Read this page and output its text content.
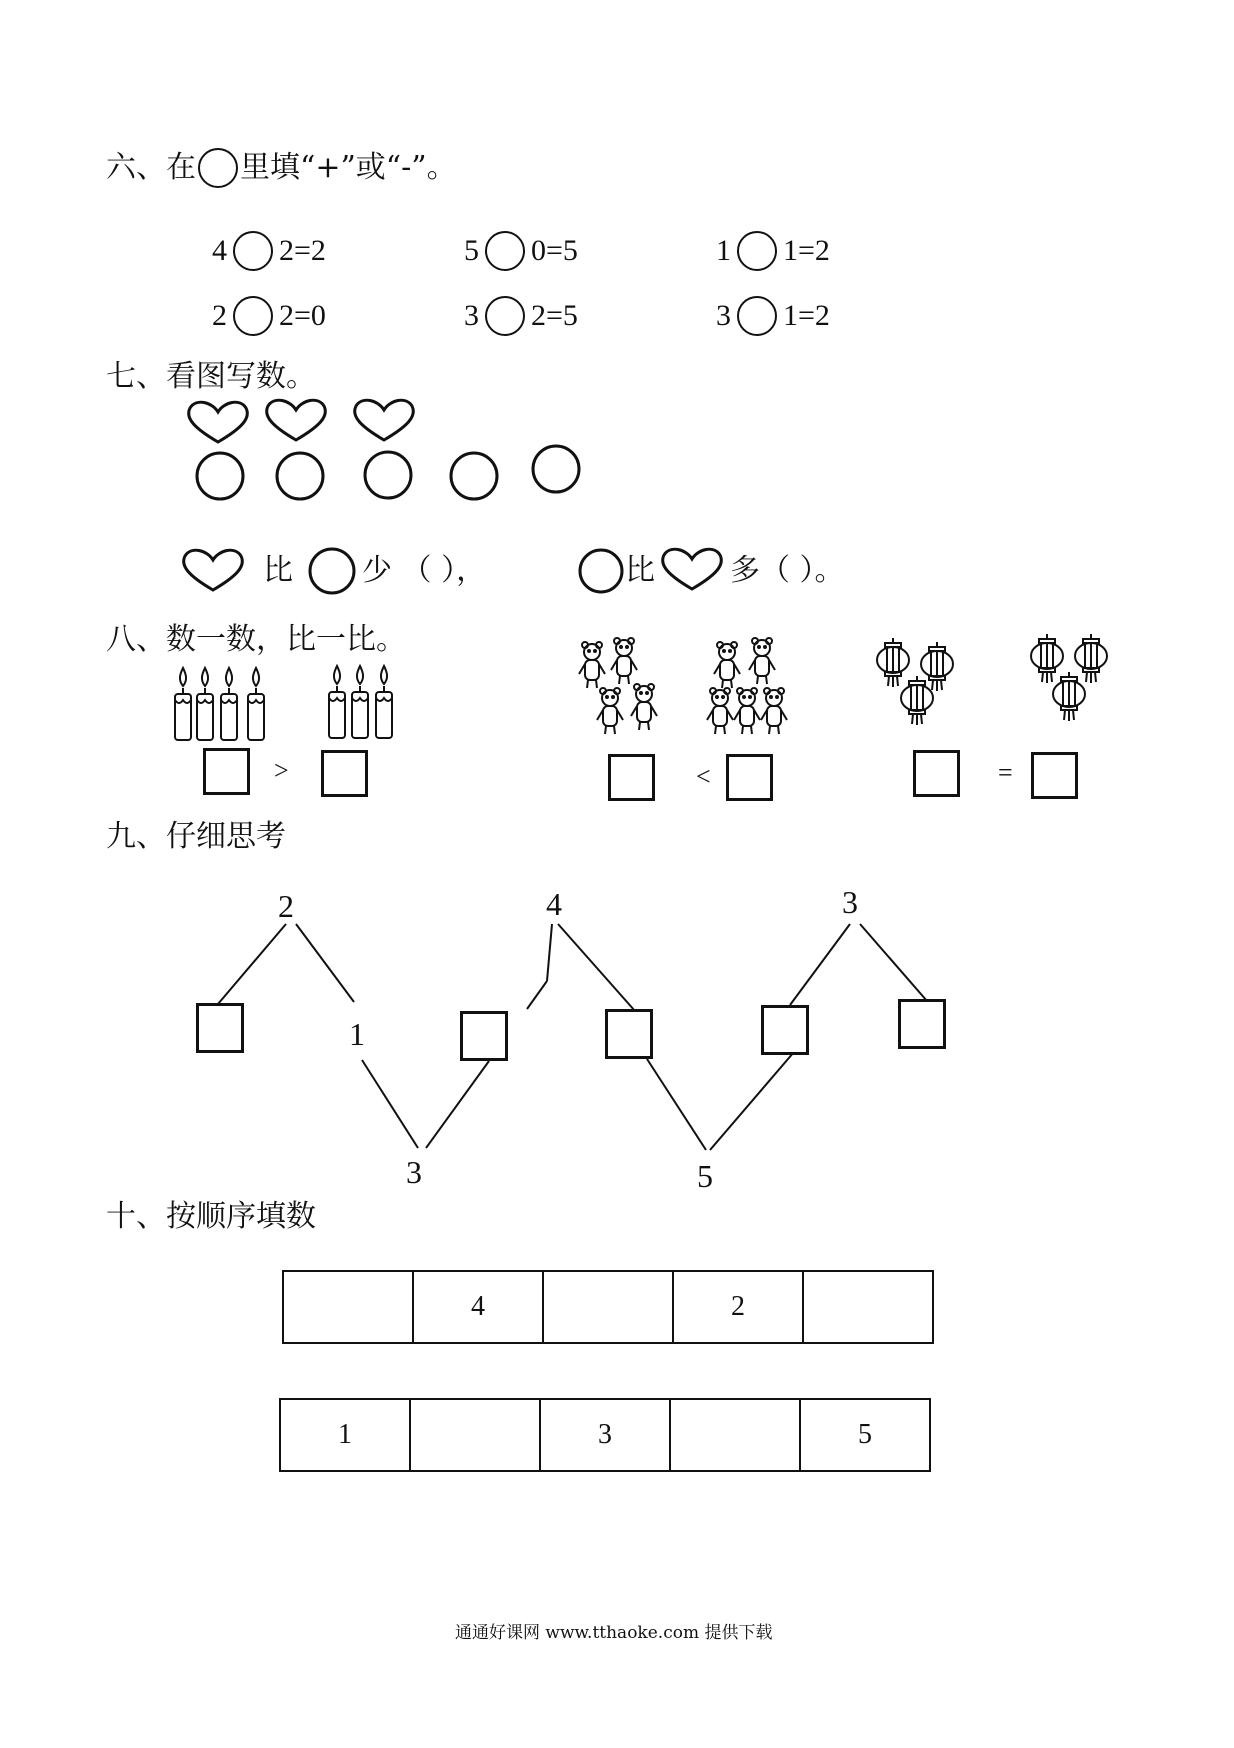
六、在 里填“+”或“-”。
4 2=2	5 0=5	1 1=2
2 2=0	3 2=5	3 1=2
七、看图写数。
比 少 （ ），	比	多（ ）。
八、数一数，比一比。
>	<	=
九、仔细思考
2
1
3
4
5
3
十、按顺序填数
	4		2	
1		3		5
通通好课网 www.tthaoke.com 提供下载
